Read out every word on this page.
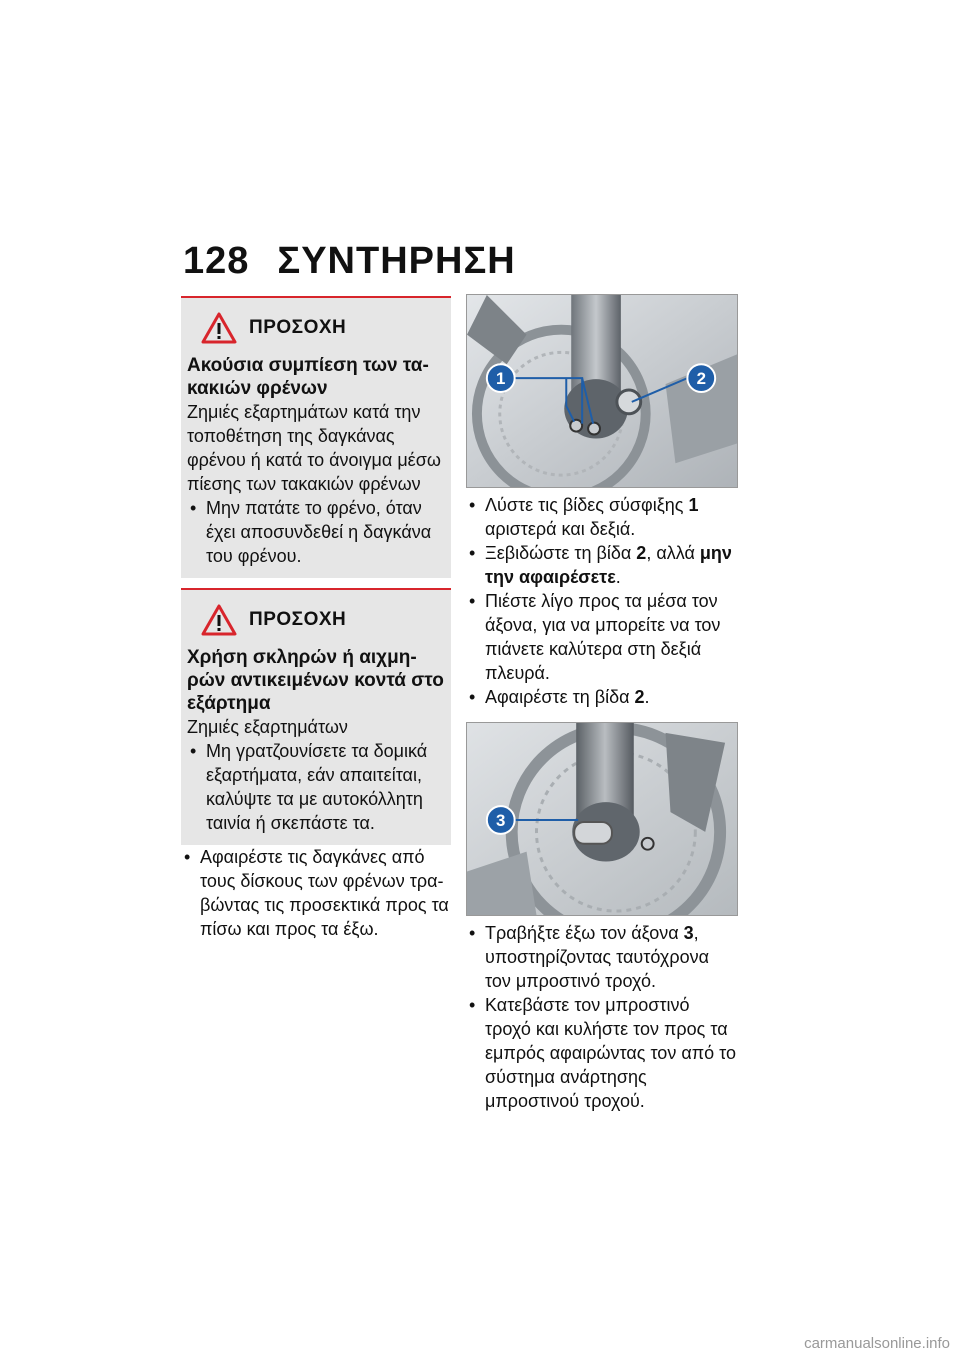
128 ΣΥΝΤΗΡΗΣΗ
ΠΡΟΣΟΧΗ
Ακούσια συμπίεση των τα-κακιών φρένων
Ζημιές εξαρτημάτων κατά την τοποθέτηση της δαγκάνας φρένου ή κατά το άνοιγμα μέσω πίεσης των τακακιών φρένων
• Μην πατάτε το φρένο, όταν έχει αποσυνδεθεί η δαγκάνα του φρένου.
ΠΡΟΣΟΧΗ
Χρήση σκληρών ή αιχμη-ρών αντικειμένων κοντά στο εξάρτημα
Ζημιές εξαρτημάτων
• Μη γρατζουνίσετε τα δομικά εξαρτήματα, εάν απαιτείται, καλύψτε τα με αυτοκόλλητη ταινία ή σκεπάστε τα.
• Αφαιρέστε τις δαγκάνες από τους δίσκους των φρένων τρα-βώντας τις προσεκτικά προς τα πίσω και προς τα έξω.
1	2
• Λύστε τις βίδες σύσφιξης 1 αριστερά και δεξιά.
• Ξεβιδώστε τη βίδα 2, αλλά μην την αφαιρέσετε.
• Πιέστε λίγο προς τα μέσα τον άξονα, για να μπορείτε να τον πιάνετε καλύτερα στη δεξιά πλευρά.
• Αφαιρέστε τη βίδα 2.
3
• Τραβήξτε έξω τον άξονα 3, υποστηρίζοντας ταυτόχρονα τον μπροστινό τροχό.
• Κατεβάστε τον μπροστινό τροχό και κυλήστε τον προς τα εμπρός αφαιρώντας τον από το σύστημα ανάρτησης μπροστινού τροχού.
carmanualsonline.info
